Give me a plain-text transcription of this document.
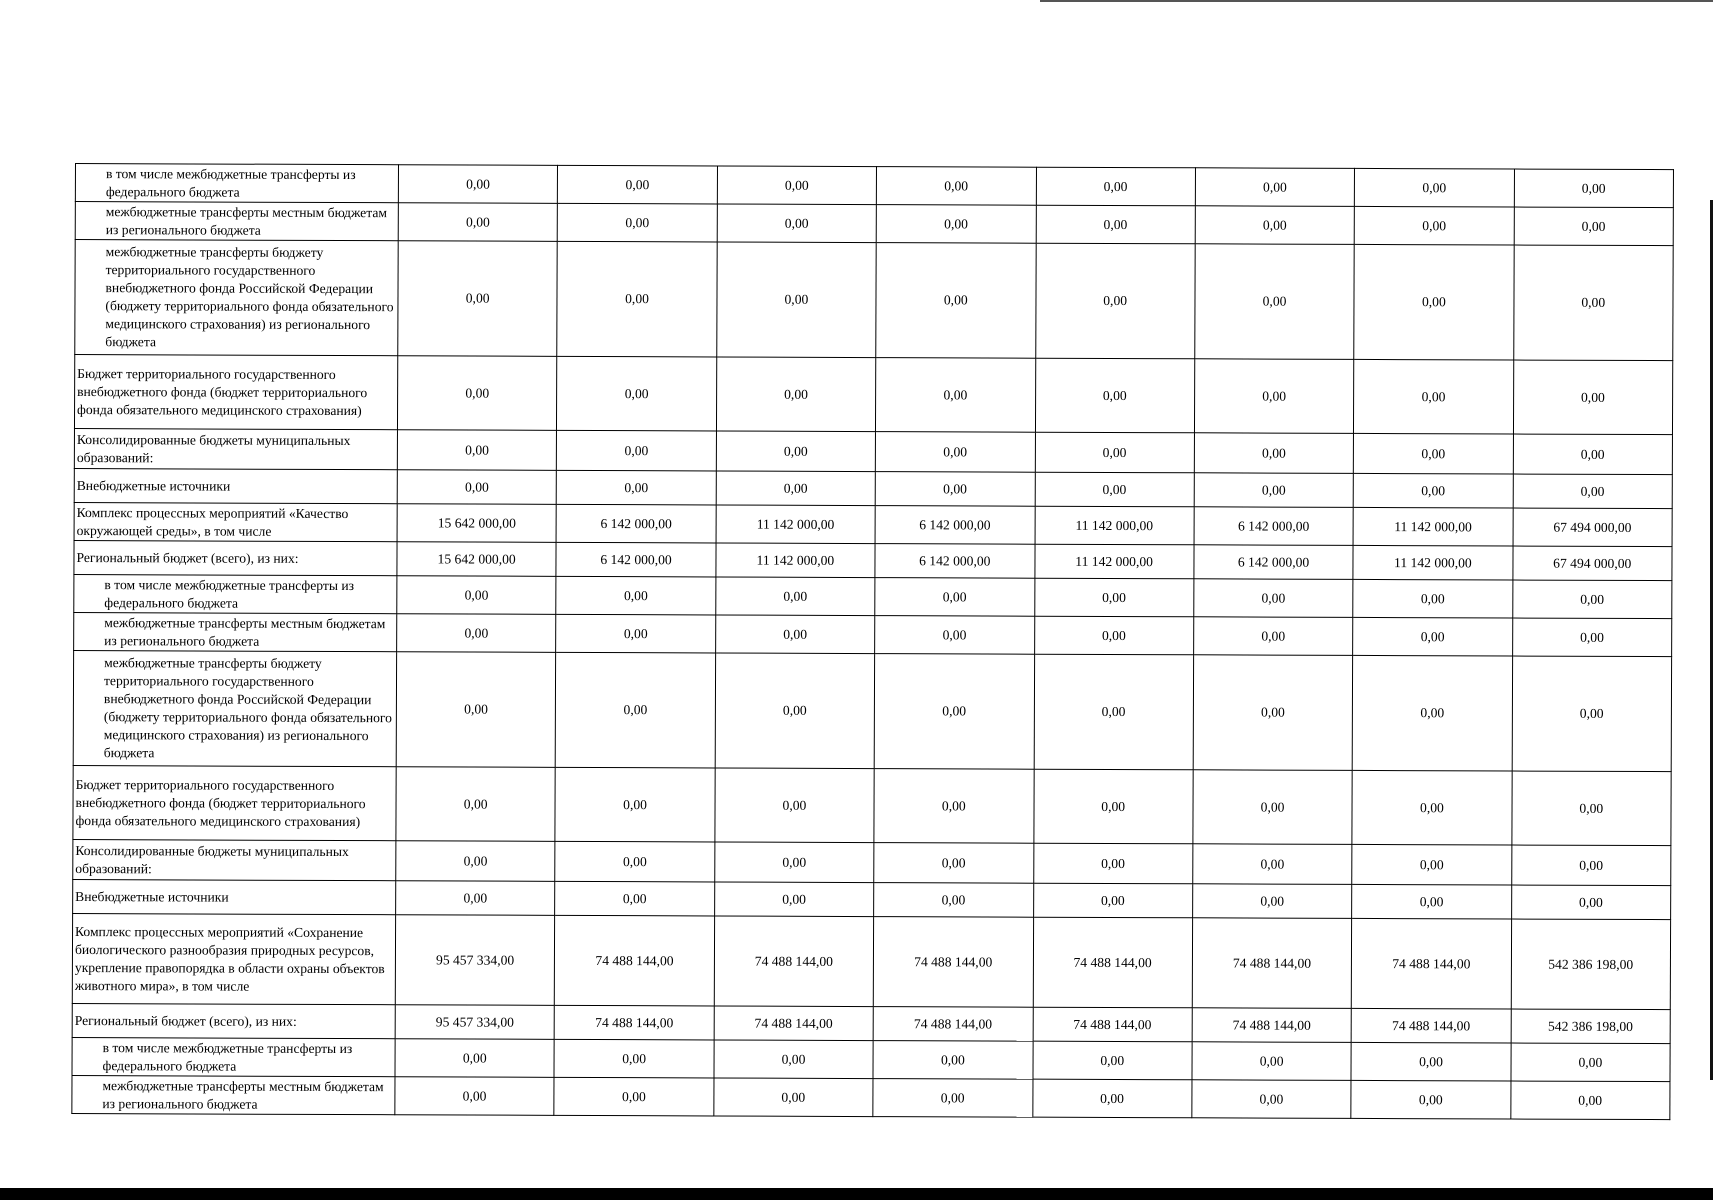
в том числе межбюджетные трансферты из федерального бюджета	0,00	0,00	0,00	0,00	0,00	0,00	0,00	0,00
межбюджетные трансферты местным бюджетам из регионального бюджета	0,00	0,00	0,00	0,00	0,00	0,00	0,00	0,00
межбюджетные трансферты бюджету территориального государственного внебюджетного фонда Российской Федерации (бюджету территориального фонда обязательного медицинского страхования) из регионального бюджета	0,00	0,00	0,00	0,00	0,00	0,00	0,00	0,00
Бюджет территориального государственного внебюджетного фонда (бюджет территориального фонда обязательного медицинского страхования)	0,00	0,00	0,00	0,00	0,00	0,00	0,00	0,00
Консолидированные бюджеты муниципальных образований:	0,00	0,00	0,00	0,00	0,00	0,00	0,00	0,00
Внебюджетные источники	0,00	0,00	0,00	0,00	0,00	0,00	0,00	0,00
Комплекс процессных мероприятий «Качество окружающей среды», в том числе	15 642 000,00	6 142 000,00	11 142 000,00	6 142 000,00	11 142 000,00	6 142 000,00	11 142 000,00	67 494 000,00
Региональный бюджет (всего), из них:	15 642 000,00	6 142 000,00	11 142 000,00	6 142 000,00	11 142 000,00	6 142 000,00	11 142 000,00	67 494 000,00
в том числе межбюджетные трансферты из федерального бюджета	0,00	0,00	0,00	0,00	0,00	0,00	0,00	0,00
межбюджетные трансферты местным бюджетам из регионального бюджета	0,00	0,00	0,00	0,00	0,00	0,00	0,00	0,00
межбюджетные трансферты бюджету территориального государственного внебюджетного фонда Российской Федерации (бюджету территориального фонда обязательного медицинского страхования) из регионального бюджета	0,00	0,00	0,00	0,00	0,00	0,00	0,00	0,00
Бюджет территориального государственного внебюджетного фонда (бюджет территориального фонда обязательного медицинского страхования)	0,00	0,00	0,00	0,00	0,00	0,00	0,00	0,00
Консолидированные бюджеты муниципальных образований:	0,00	0,00	0,00	0,00	0,00	0,00	0,00	0,00
Внебюджетные источники	0,00	0,00	0,00	0,00	0,00	0,00	0,00	0,00
Комплекс процессных мероприятий «Сохранение биологического разнообразия природных ресурсов, укрепление правопорядка в области охраны объектов животного мира», в том числе	95 457 334,00	74 488 144,00	74 488 144,00	74 488 144,00	74 488 144,00	74 488 144,00	74 488 144,00	542 386 198,00
Региональный бюджет (всего), из них:	95 457 334,00	74 488 144,00	74 488 144,00	74 488 144,00	74 488 144,00	74 488 144,00	74 488 144,00	542 386 198,00
в том числе межбюджетные трансферты из федерального бюджета	0,00	0,00	0,00	0,00	0,00	0,00	0,00	0,00
межбюджетные трансферты местным бюджетам из регионального бюджета	0,00	0,00	0,00	0,00	0,00	0,00	0,00	0,00
